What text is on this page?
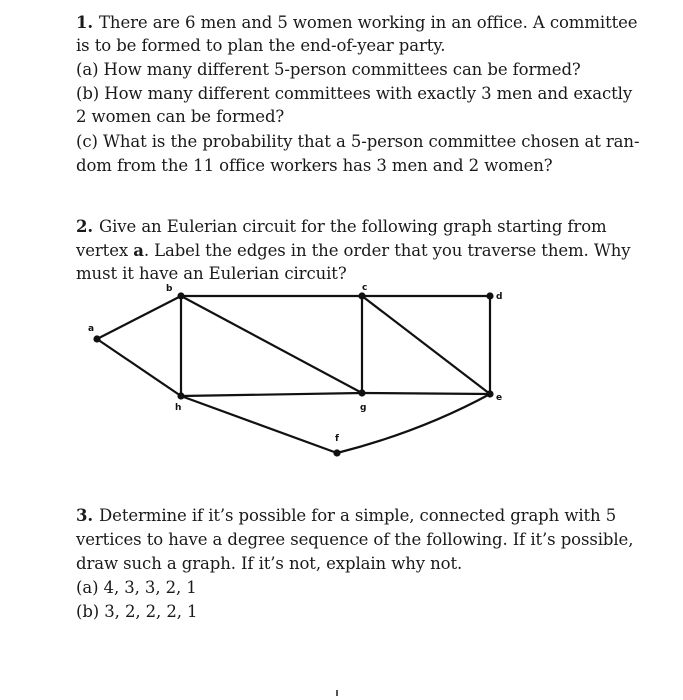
1. There are 6 men and 5 women working in an office. A committee
is to be formed to plan the end-of-year party.
(a) How many different 5-person committees can be formed?
(b) How many different committees with exactly 3 men and exactly
2 women can be formed?
(c) What is the probability that a 5-person committee chosen at ran-
dom from the 11 office workers has 3 men and 2 women?
2. Give an Eulerian circuit for the following graph starting from
vertex a. Label the edges in the order that you traverse them. Why
must it have an Eulerian circuit?
a
b	c
d
e
f
g
h
3. Determine if it’s possible for a simple, connected graph with 5
vertices to have a degree sequence of the following. If it’s possible,
draw such a graph. If it’s not, explain why not.
(a) 4, 3, 3, 2, 1
(b) 3, 2, 2, 2, 1
